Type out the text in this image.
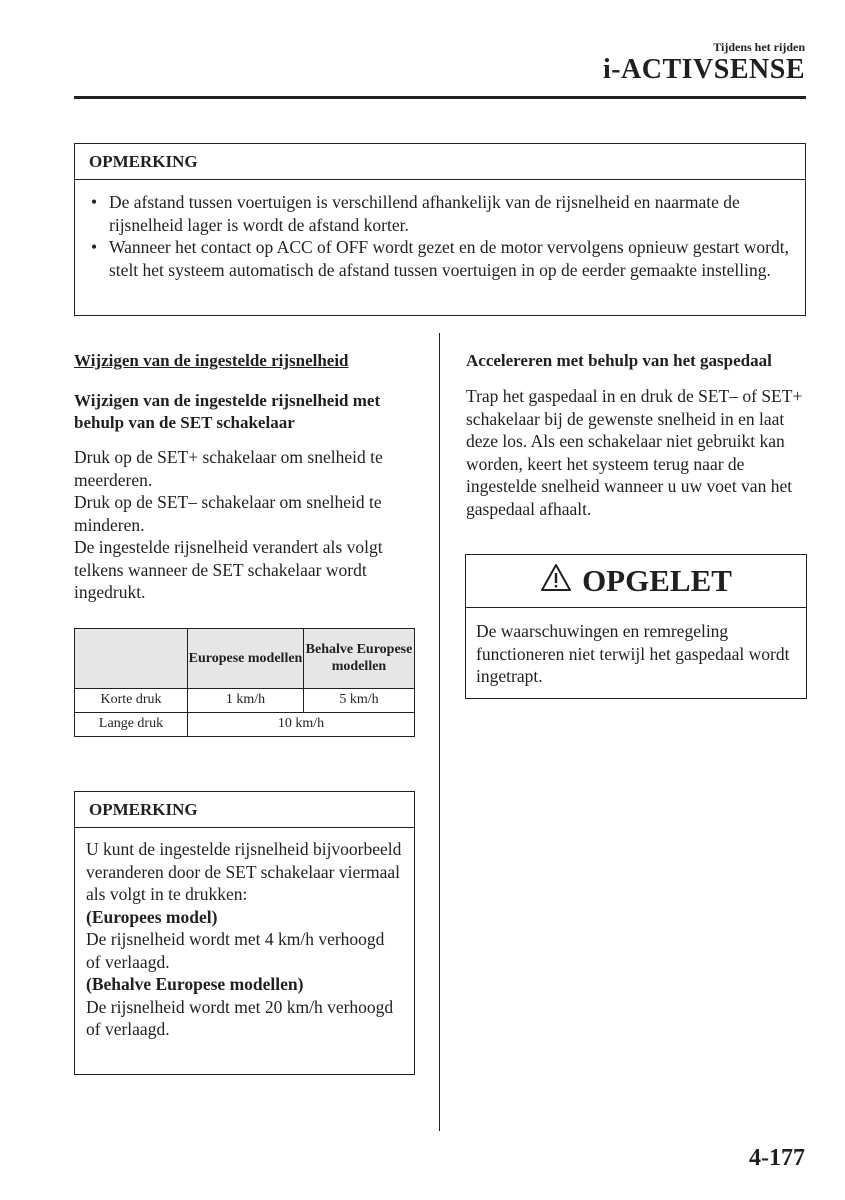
Tijdens het rijden
i-ACTIVSENSE
OPMERKING
• De afstand tussen voertuigen is verschillend afhankelijk van de rijsnelheid en naarmate de rijsnelheid lager is wordt de afstand korter.
• Wanneer het contact op ACC of OFF wordt gezet en de motor vervolgens opnieuw gestart wordt, stelt het systeem automatisch de afstand tussen voertuigen in op de eerder gemaakte instelling.
Wijzigen van de ingestelde rijsnelheid
Wijzigen van de ingestelde rijsnelheid met behulp van de SET schakelaar
Druk op de SET+ schakelaar om snelheid te meerderen.
Druk op de SET– schakelaar om snelheid te minderen.
De ingestelde rijsnelheid verandert als volgt telkens wanneer de SET schakelaar wordt ingedrukt.
	Europese modellen	Behalve Europese modellen
Korte druk	1 km/h	5 km/h
Lange druk	10 km/h	
OPMERKING
U kunt de ingestelde rijsnelheid bijvoorbeeld veranderen door de SET schakelaar viermaal als volgt in te drukken:
(Europees model)
De rijsnelheid wordt met 4 km/h verhoogd of verlaagd.
(Behalve Europese modellen)
De rijsnelheid wordt met 20 km/h verhoogd of verlaagd.
Accelereren met behulp van het gaspedaal
Trap het gaspedaal in en druk de SET– of SET+ schakelaar bij de gewenste snelheid in en laat deze los. Als een schakelaar niet gebruikt kan worden, keert het systeem terug naar de ingestelde snelheid wanneer u uw voet van het gaspedaal afhaalt.
OPGELET
De waarschuwingen en remregeling functioneren niet terwijl het gaspedaal wordt ingetrapt.
4-177
